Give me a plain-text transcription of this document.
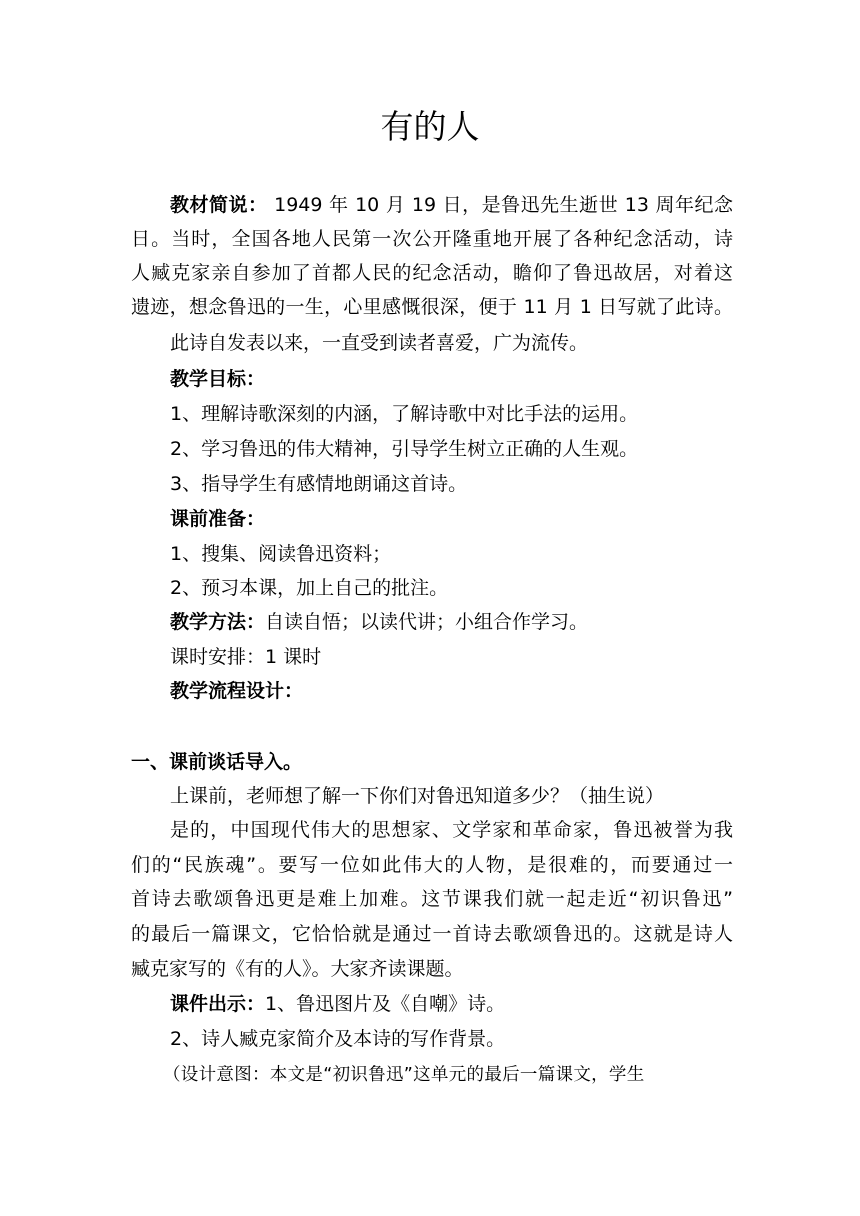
有的人
教材简说： 1949 年 10 月 19 日，是鲁迅先生逝世 13 周年纪念
日。当时，全国各地人民第一次公开隆重地开展了各种纪念活动，诗
人臧克家亲自参加了首都人民的纪念活动，瞻仰了鲁迅故居，对着这
遗迹，想念鲁迅的一生，心里感慨很深，便于 11 月 1 日写就了此诗。
此诗自发表以来，一直受到读者喜爱，广为流传。
教学目标：
1、理解诗歌深刻的内涵，了解诗歌中对比手法的运用。
2、学习鲁迅的伟大精神，引导学生树立正确的人生观。
3、指导学生有感情地朗诵这首诗。
课前准备：
1、搜集、阅读鲁迅资料；
2、预习本课，加上自己的批注。
教学方法：自读自悟；以读代讲；小组合作学习。
课时安排：1 课时
教学流程设计：
一、课前谈话导入。
上课前，老师想了解一下你们对鲁迅知道多少？（抽生说）
是的，中国现代伟大的思想家、文学家和革命家，鲁迅被誉为我
们的“民族魂”。要写一位如此伟大的人物，是很难的，而要通过一
首诗去歌颂鲁迅更是难上加难。这节课我们就一起走近“初识鲁迅”
的最后一篇课文，它恰恰就是通过一首诗去歌颂鲁迅的。这就是诗人
臧克家写的《有的人》。大家齐读课题。
课件出示：1、鲁迅图片及《自嘲》诗。
2、诗人臧克家简介及本诗的写作背景。
（设计意图：本文是“初识鲁迅”这单元的最后一篇课文，学生
